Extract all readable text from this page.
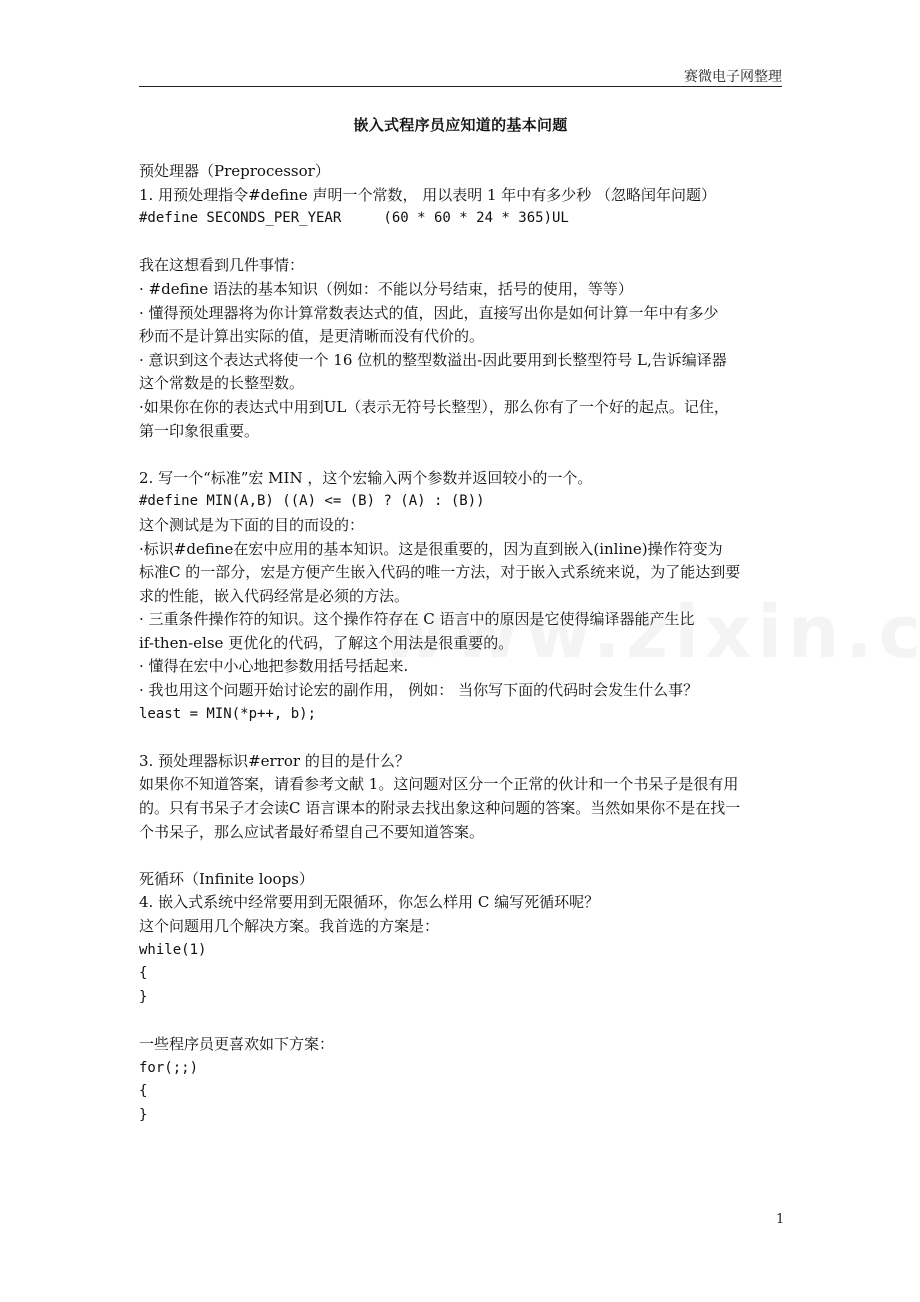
赛微电子网整理
嵌入式程序员应知道的基本问题
预处理器（Preprocessor）
1. 用预处理指令#define 声明一个常数， 用以表明 1 年中有多少秒 （忽略闰年问题）
#define SECONDS_PER_YEAR     (60 * 60 * 24 * 365)UL
我在这想看到几件事情：
· #define 语法的基本知识（例如：不能以分号结束，括号的使用，等等）
· 懂得预处理器将为你计算常数表达式的值，因此，直接写出你是如何计算一年中有多少
秒而不是计算出实际的值，是更清晰而没有代价的。
· 意识到这个表达式将使一个 16 位机的整型数溢出-因此要用到长整型符号 L,告诉编译器
这个常数是的长整型数。
·如果你在你的表达式中用到UL（表示无符号长整型），那么你有了一个好的起点。记住，
第一印象很重要。
2. 写一个“标准”宏 MIN ，这个宏输入两个参数并返回较小的一个。
#define MIN(A,B) ((A) <= (B) ? (A) : (B))
这个测试是为下面的目的而设的：
·标识#define在宏中应用的基本知识。这是很重要的，因为直到嵌入(inline)操作符变为
标准C 的一部分，宏是方便产生嵌入代码的唯一方法，对于嵌入式系统来说，为了能达到要
求的性能，嵌入代码经常是必须的方法。
· 三重条件操作符的知识。这个操作符存在 C 语言中的原因是它使得编译器能产生比
if-then-else 更优化的代码，了解这个用法是很重要的。
· 懂得在宏中小心地把参数用括号括起来.
· 我也用这个问题开始讨论宏的副作用， 例如： 当你写下面的代码时会发生什么事？
least = MIN(*p++, b);
3. 预处理器标识#error 的目的是什么？
如果你不知道答案，请看参考文献 1。这问题对区分一个正常的伙计和一个书呆子是很有用
的。只有书呆子才会读C 语言课本的附录去找出象这种问题的答案。当然如果你不是在找一
个书呆子，那么应试者最好希望自己不要知道答案。
死循环（Infinite loops）
4. 嵌入式系统中经常要用到无限循环，你怎么样用 C 编写死循环呢？
这个问题用几个解决方案。我首选的方案是：
while(1)
{
}
一些程序员更喜欢如下方案：
for(;;)
{
}
1
